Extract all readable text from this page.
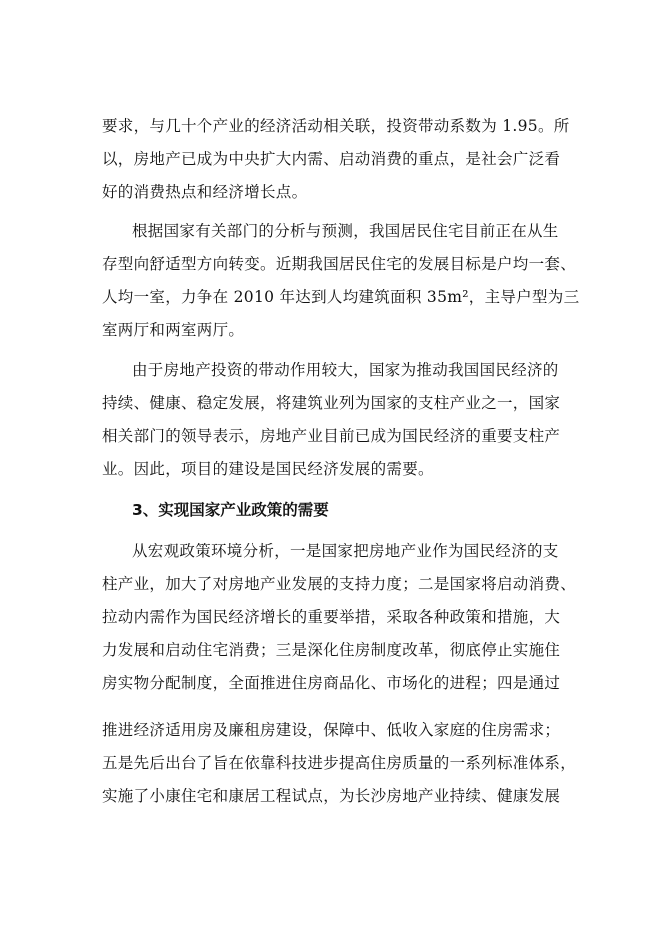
要求，与几十个产业的经济活动相关联，投资带动系数为 1.95。所
以，房地产已成为中央扩大内需、启动消费的重点，是社会广泛看
好的消费热点和经济增长点。
根据国家有关部门的分析与预测，我国居民住宅目前正在从生
存型向舒适型方向转变。近期我国居民住宅的发展目标是户均一套、
人均一室，力争在 2010 年达到人均建筑面积 35m²，主导户型为三
室两厅和两室两厅。
由于房地产投资的带动作用较大，国家为推动我国国民经济的
持续、健康、稳定发展，将建筑业列为国家的支柱产业之一，国家
相关部门的领导表示，房地产业目前已成为国民经济的重要支柱产
业。因此，项目的建设是国民经济发展的需要。
3、实现国家产业政策的需要
从宏观政策环境分析，一是国家把房地产业作为国民经济的支
柱产业，加大了对房地产业发展的支持力度；二是国家将启动消费、
拉动内需作为国民经济增长的重要举措，采取各种政策和措施，大
力发展和启动住宅消费；三是深化住房制度改革，彻底停止实施住
房实物分配制度，全面推进住房商品化、市场化的进程；四是通过
推进经济适用房及廉租房建设，保障中、低收入家庭的住房需求；
五是先后出台了旨在依靠科技进步提高住房质量的一系列标准体系，
实施了小康住宅和康居工程试点，为长沙房地产业持续、健康发展
